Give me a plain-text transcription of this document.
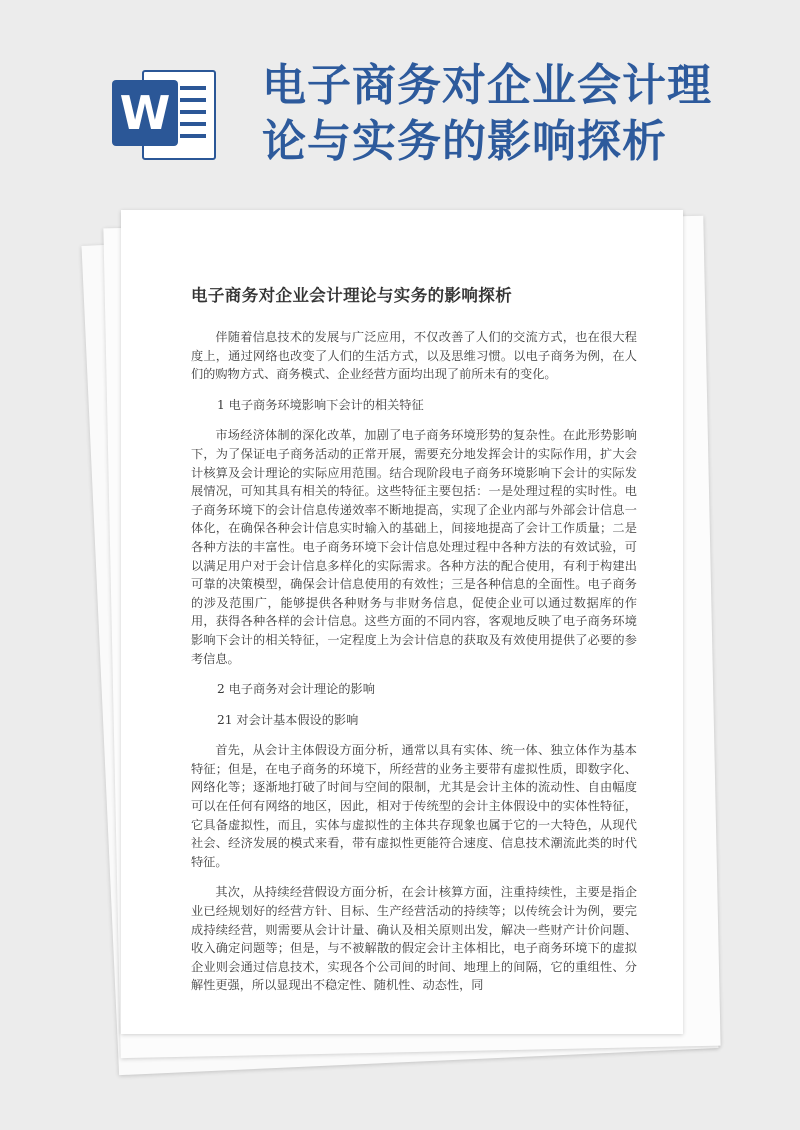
W
电子商务对企业会计理
论与实务的影响探析
电子商务对企业会计理论与实务的影响探析

伴随着信息技术的发展与广泛应用，不仅改善了人们的交流方式，也在很大程度上，通过网络也改变了人们的生活方式，以及思维习惯。以电子商务为例，在人们的购物方式、商务模式、企业经营方面均出现了前所未有的变化。

1 电子商务环境影响下会计的相关特征

市场经济体制的深化改革，加剧了电子商务环境形势的复杂性。在此形势影响下，为了保证电子商务活动的正常开展，需要充分地发挥会计的实际作用，扩大会计核算及会计理论的实际应用范围。结合现阶段电子商务环境影响下会计的实际发展情况，可知其具有相关的特征。这些特征主要包括：一是处理过程的实时性。电子商务环境下的会计信息传递效率不断地提高，实现了企业内部与外部会计信息一体化，在确保各种会计信息实时输入的基础上，间接地提高了会计工作质量；二是各种方法的丰富性。电子商务环境下会计信息处理过程中各种方法的有效试验，可以满足用户对于会计信息多样化的实际需求。各种方法的配合使用，有利于构建出可靠的决策模型，确保会计信息使用的有效性；三是各种信息的全面性。电子商务的涉及范围广，能够提供各种财务与非财务信息，促使企业可以通过数据库的作用，获得各种各样的会计信息。这些方面的不同内容，客观地反映了电子商务环境影响下会计的相关特征，一定程度上为会计信息的获取及有效使用提供了必要的参考信息。

2 电子商务对会计理论的影响
21 对会计基本假设的影响

首先，从会计主体假设方面分析，通常以具有实体、统一体、独立体作为基本特征；但是，在电子商务的环境下，所经营的业务主要带有虚拟性质，即数字化、网络化等；逐渐地打破了时间与空间的限制，尤其是会计主体的流动性、自由幅度可以在任何有网络的地区，因此，相对于传统型的会计主体假设中的实体性特征，它具备虚拟性，而且，实体与虚拟性的主体共存现象也属于它的一大特色，从现代社会、经济发展的模式来看，带有虚拟性更能符合速度、信息技术潮流此类的时代特征。

其次，从持续经营假设方面分析，在会计核算方面，注重持续性，主要是指企业已经规划好的经营方针、目标、生产经营活动的持续等；以传统会计为例，要完成持续经营，则需要从会计计量、确认及相关原则出发，解决一些财产计价问题、收入确定问题等；但是，与不被解散的假定会计主体相比，电子商务环境下的虚拟企业则会通过信息技术，实现各个公司间的时间、地理上的间隔，它的重组性、分解性更强，所以显现出不稳定性、随机性、动态性，同
